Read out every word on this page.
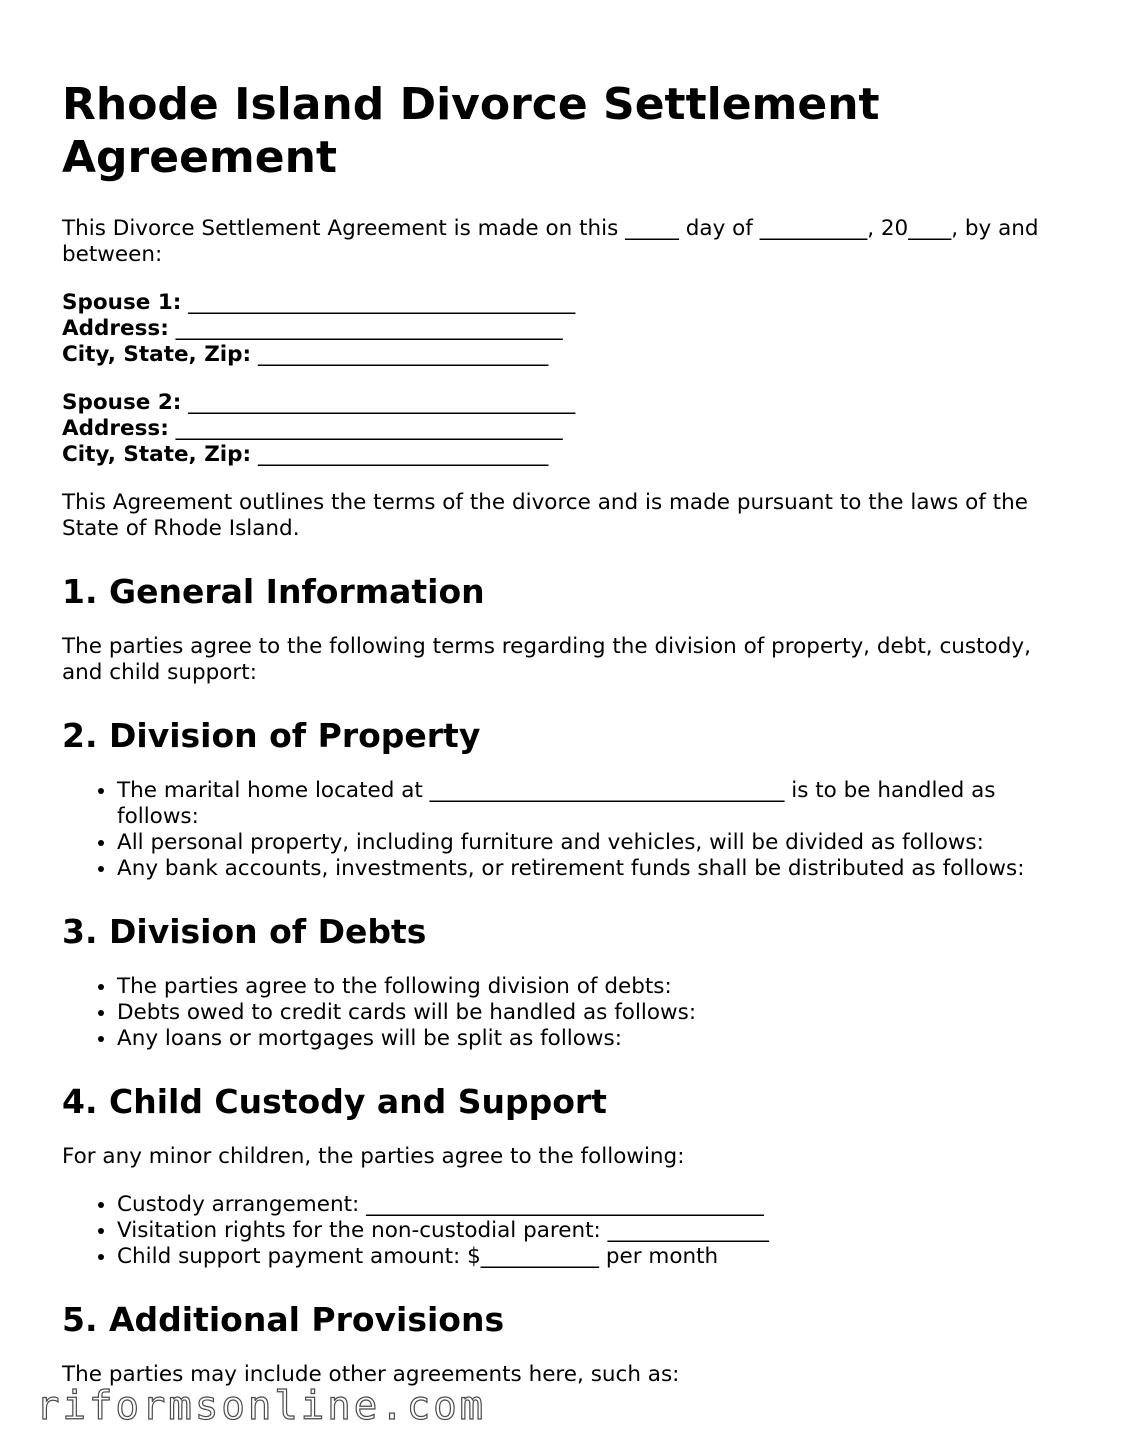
Rhode Island Divorce Settlement Agreement

This Divorce Settlement Agreement is made on this _____ day of __________, 20____, by and between:

Spouse 1: ____________________________________
Address: ____________________________________
City, State, Zip: ___________________________
Spouse 2: ____________________________________
Address: ____________________________________
City, State, Zip: ___________________________

This Agreement outlines the terms of the divorce and is made pursuant to the laws of the State of Rhode Island.

1. General Information

The parties agree to the following terms regarding the division of property, debt, custody, and child support:

2. Division of Property
• The marital home located at _________________________________ is to be handled as follows:
• All personal property, including furniture and vehicles, will be divided as follows:
• Any bank accounts, investments, or retirement funds shall be distributed as follows:
3. Division of Debts
• The parties agree to the following division of debts:
• Debts owed to credit cards will be handled as follows:
• Any loans or mortgages will be split as follows:
4. Child Custody and Support

For any minor children, the parties agree to the following:

• Custody arrangement: _____________________________________
• Visitation rights for the non-custodial parent: _______________
• Child support payment amount: $___________ per month
5. Additional Provisions

The parties may include other agreements here, such as:

riformsonline.com
